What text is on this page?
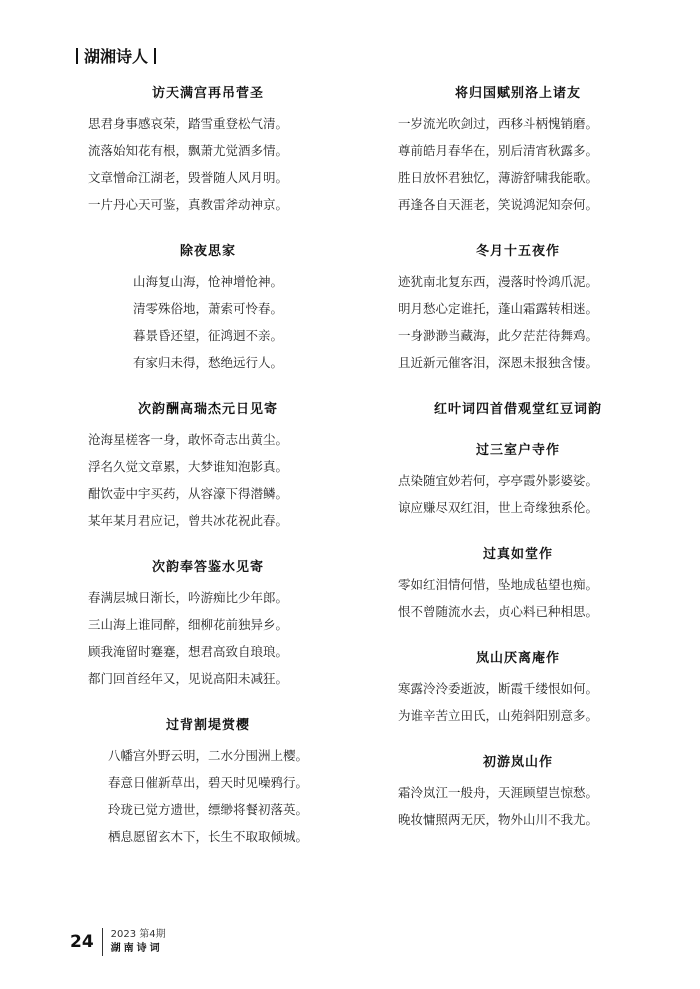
湖湘诗人
访天满宫再吊菅圣
思君身事感哀荣，踏雪重登松气清。
流落始知花有根，飘萧尤觉酒多情。
文章憎命江湖老，毁誉随人风月明。
一片丹心天可鉴，真教雷斧动神京。
除夜思家
山海复山海，怆神增怆神。
清零殊俗地，萧索可怜春。
暮景昏还望，征鸿迥不亲。
有家归未得，愁绝远行人。
次韵酬高瑞杰元日见寄
沧海星槎客一身，敢怀奇志出黄尘。
浮名久觉文章累，大梦谁知泡影真。
酣饮壶中宇买药，从容濠下得潜鳞。
某年某月君应记，曾共冰花祝此春。
次韵奉答鉴水见寄
春满层城日渐长，吟游痴比少年郎。
三山海上谁同醉，细柳花前独异乡。
顾我淹留时蹇蹇，想君高致自琅琅。
都门回首经年又，见说高阳未减狂。
过背割堤赏樱
八幡宫外野云明，二水分围洲上樱。
春意日催新草出，碧天时见噪鸦行。
玲珑已觉方遗世，缥缈将餐初落英。
栖息愿留玄木下，长生不取取倾城。
将归国赋别洛上诸友
一岁流光吹剑过，西移斗柄愧销磨。
尊前皓月春华在，别后清宵秋露多。
胜日放怀君独忆，薄游舒啸我能歌。
再逢各自天涯老，笑说鸿泥知奈何。
冬月十五夜作
迹犹南北复东西，漫落时怜鸿爪泥。
明月愁心定谁托，蓬山霜露转相迷。
一身渺渺当藏海，此夕茫茫待舞鸡。
且近新元催客泪，深恩未报独含悽。
红叶词四首借观堂红豆词韵
过三室户寺作
点染随宜妙若何，亭亭霞外影婆娑。
谅应赚尽双红泪，世上奇缘独系伦。
过真如堂作
零如红泪情何惜，坠地成毡望也痴。
恨不曾随流水去，贞心料已种相思。
岚山厌离庵作
寒露泠泠委逝波，断霞千缕恨如何。
为谁辛苦立田氏，山苑斜阳别意多。
初游岚山作
霜泠岚江一般舟，天涯顾望岂惊愁。
晚妆慵照两无厌，物外山川不我尤。
24 2023 第4期
湖南诗词
